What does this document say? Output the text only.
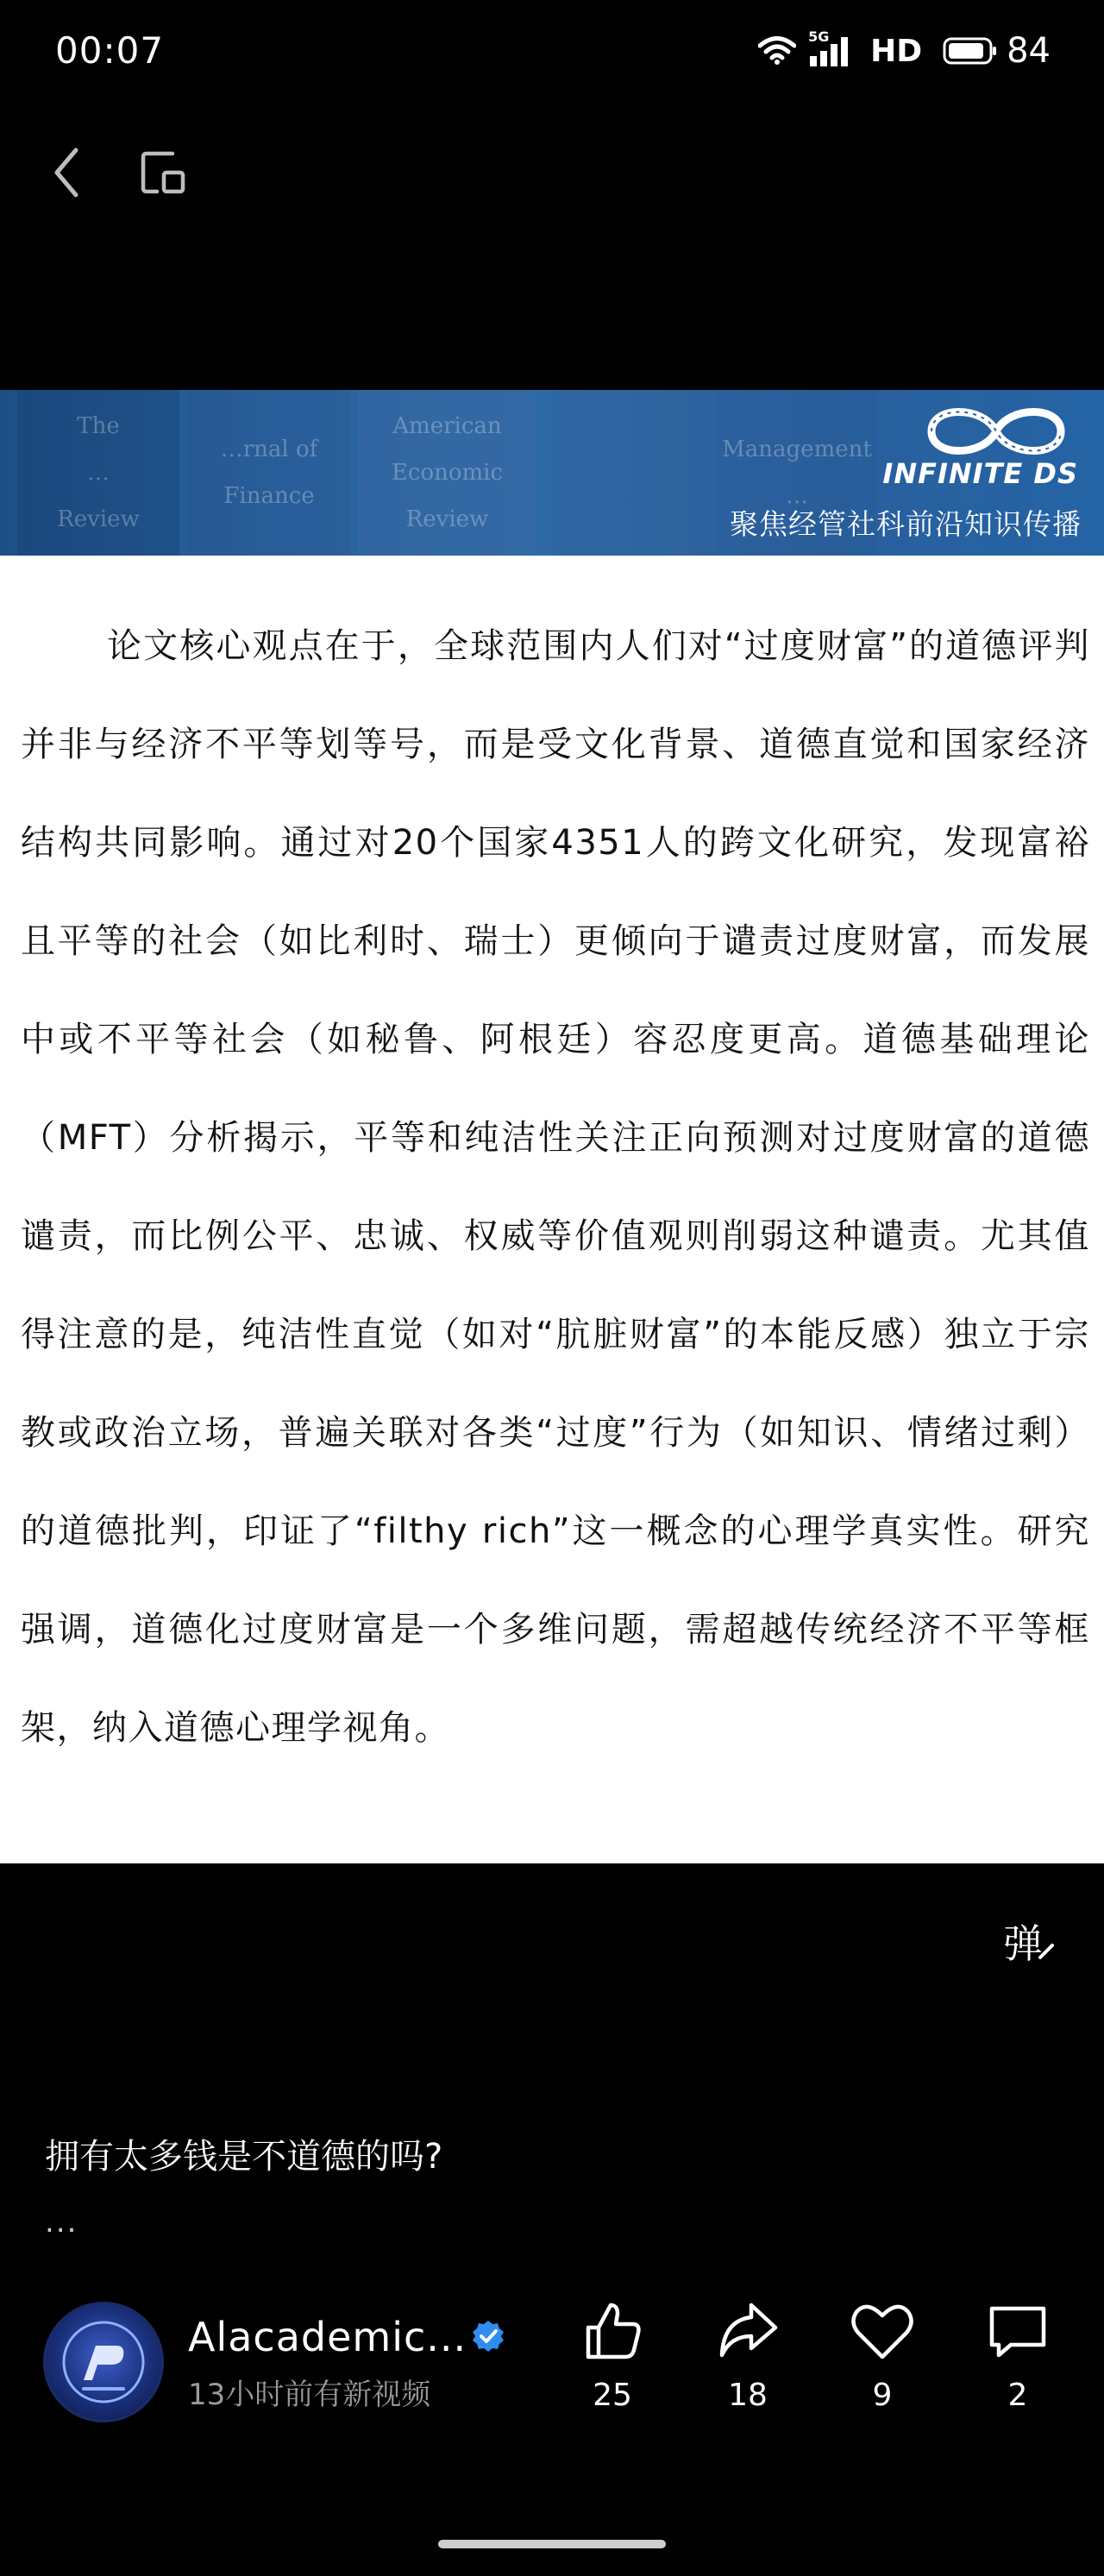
00:07	5G HD 84
The
…
Review
…rnal of
Finance
American
Economic
Review
Management
…
INFINITE DS
聚焦经管社科前沿知识传播

论文核心观点在于，全球范围内人们对“过度财富”的道德评判并非与经济不平等划等号，而是受文化背景、道德直觉和国家经济结构共同影响。通过对20个国家4351人的跨文化研究，发现富裕且平等的社会（如比利时、瑞士）更倾向于谴责过度财富，而发展中或不平等社会（如秘鲁、阿根廷）容忍度更高。道德基础理论（MFT）分析揭示，平等和纯洁性关注正向预测对过度财富的道德谴责，而比例公平、忠诚、权威等价值观则削弱这种谴责。尤其值得注意的是，纯洁性直觉（如对“肮脏财富”的本能反感）独立于宗教或政治立场，普遍关联对各类“过度”行为（如知识、情绪过剩）的道德批判，印证了“filthy rich”这一概念的心理学真实性。研究强调，道德化过度财富是一个多维问题，需超越传统经济不平等框架，纳入道德心理学视角。

弹
拥有太多钱是不道德的吗?
...
Alacademic...
13小时前有新视频	25	18	9	2
